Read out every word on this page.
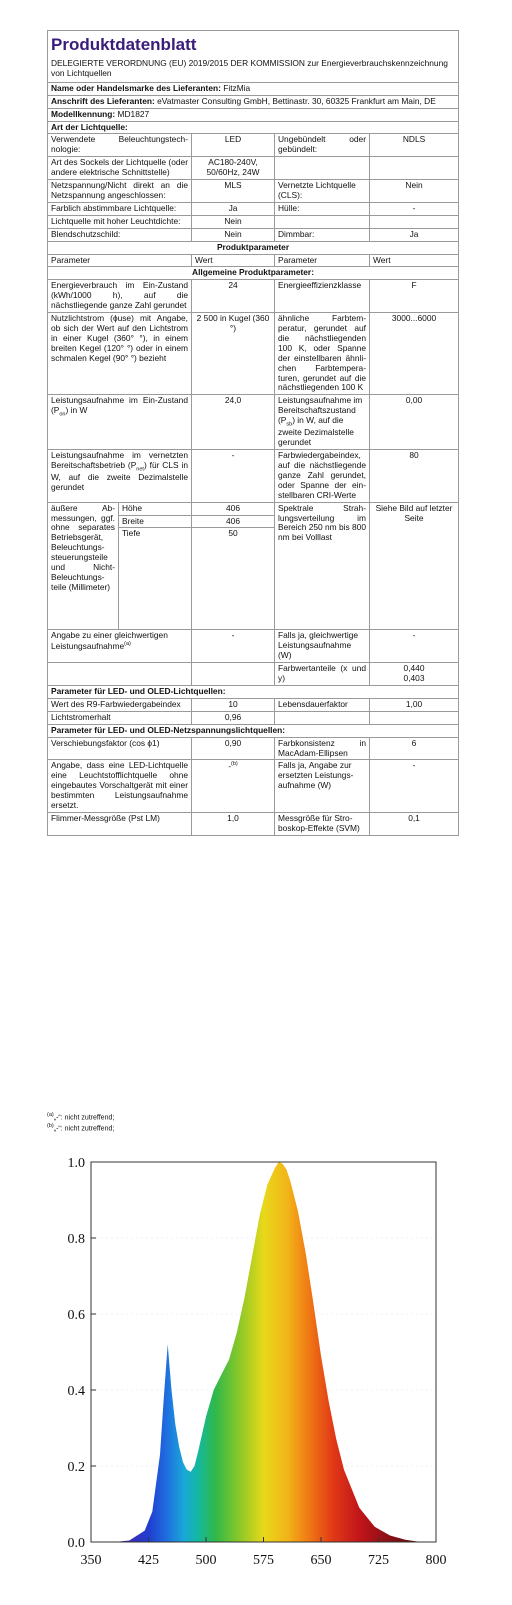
Produktdatenblatt
DELEGIERTE VERORDNUNG (EU) 2019/2015 DER KOMMISSION zur Energieverbrauchskennzeichnung von Lichtquellen				

Name oder Handelsmarke des Lieferanten: FitzMia				
Anschrift des Lieferanten: eVatmaster Consulting GmbH, Bettinastr. 30, 60325 Frankfurt am Main, DE				
Modellkennung: MD1827				
Art der Lichtquelle:				
Verwendete Beleuchtungstechnologie:		LED	Ungebündelt oder gebündelt:	NDLS
Art des Sockels der Lichtquelle (oder andere elektrische Schnittstelle)		AC180-240V, 50/60Hz, 24W		
Netzspannung/Nicht direkt an die Netzspannung angeschlossen:		MLS	Vernetzte Lichtquelle (CLS):	Nein
Farblich abstimmbare Lichtquelle:		Ja	Hülle:	-
Lichtquelle mit hoher Leuchtdichte:		Nein		
Blendschutzschild:		Nein	Dimmbar:	Ja
Produktparameter				
Parameter		Wert	Parameter	Wert
Allgemeine Produktparameter:				
Energieverbrauch im Ein-Zustand (kWh/1000 h), auf die nächstliegende ganze Zahl gerundet		24	Energieeffizienzklasse	F
Nutzlichtstrom (ɸuse) mit Angabe, ob sich der Wert auf den Lichtstrom in einer Kugel (360° °), in einem breiten Kegel (120° °) oder in einem schmalen Kegel (90° °) bezieht		2 500 in Kugel (360 °)	ähnliche Farbtemperatur, gerundet auf die nächstliegenden 100 K, oder Spanne der einstellbaren ähnlichen Farbtemperaturen, gerundet auf die nächstliegenden 100 K	3000...6000
Leistungsaufnahme im Ein-Zustand $(P_{on})$ in W		24,0	Leistungsaufnahme im Bereitschaftszustand $(P_{sb})$ in W, auf die zweite Dezimalstelle gerundet	0,00
Leistungsaufnahme im vernetzten Bereitschaftsbetrieb $(P_{net})$ für CLS in W, auf die zweite Dezimalstelle gerundet		-	Farbwiedergabeindex, auf die nächstliegende ganze Zahl gerundet, oder Spanne der einstellbaren CRI-Werte	80
äußere Abmessungen, ggf. ohne separates Betriebsgerät, Beleuchtungssteuerungsteile und Nicht-Beleuchtungsteile (Millimeter)	Höhe	406	Spektrale Strahlungsverteilung im Bereich 250 nm bis 800 nm bei Volllast	Siehe Bild auf letzter Seite
	Breite	406		
	Tiefe	50		
Angabe zu einer gleichwertigen Leistungsaufnahme$^{(a)}$		-	Falls ja, gleichwertige Leistungsaufnahme (W)	-
			Farbwertanteile (x und y)	0,440
0,403

Parameter für LED- und OLED-Lichtquellen:				
Wert des R9-Farbwiedergabeindex		10	Lebensdauerfaktor	1,00
Lichtstromerhalt		0,96		
Parameter für LED- und OLED-Netzspannungslichtquellen:				
Verschiebungsfaktor (cos ϕ1)		0,90	Farbkonsistenz in MacAdam-Ellipsen	6
Angabe, dass eine LED-Lichtquelle eine Leuchtstofflichtquelle ohne eingebautes Vorschaltgerät mit einer bestimmten Leistungsaufnahme ersetzt.		-$^{(b)}$	Falls ja, Angabe zur ersetzten Leistungsaufnahme (W)	-
Flimmer-Messgröße (Pst LM)		1,0	Messgröße für Stroboskop-Effekte (SVM)	0,1
$^{(a)}$„-“: nicht zutreffend;
$^{(b)}$„-“: nicht zutreffend;
0.0
0.2
0.4
0.6
0.8
1.0
350	425	500	575	650	725	800
